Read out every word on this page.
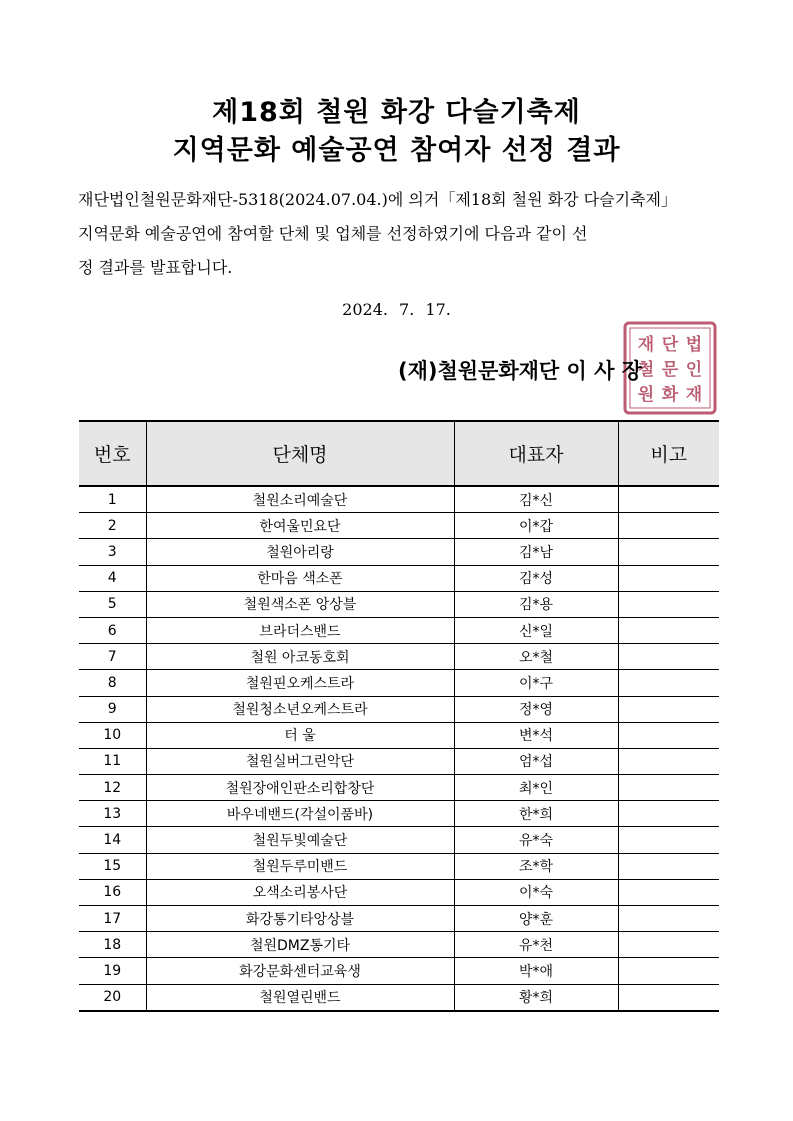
제18회 철원 화강 다슬기축제
지역문화 예술공연 참여자 선정 결과
재단법인철원문화재단-5318(2024.07.04.)에 의거「제18회 철원 화강 다슬기축제」
지역문화 예술공연에 참여할 단체 및 업체를 선정하였기에 다음과 같이 선
정 결과를 발표합니다.
2024. 7. 17.
재 단 법
철 문 인
원 화 재
(재)철원문화재단 이 사 장
번호	단체명	대표자	비고
1	철원소리예술단	김*신	
2	한여울민요단	이*갑	
3	철원아리랑	김*남	
4	한마음 색소폰	김*성	
5	철원색소폰 앙상블	김*용	
6	브라더스밴드	신*일	
7	철원 아코동호회	오*철	
8	철원핀오케스트라	이*구	
9	철원청소년오케스트라	정*영	
10	터 울	변*석	
11	철원실버그린악단	엄*섭	
12	철원장애인판소리합창단	최*인	
13	바우네밴드(각설이품바)	한*희	
14	철원두빛예술단	유*숙	
15	철원두루미밴드	조*학	
16	오색소리봉사단	이*숙	
17	화강통기타앙상블	양*훈	
18	철원DMZ통기타	유*천	
19	화강문화센터교육생	박*애	
20	철원열린밴드	황*희	
